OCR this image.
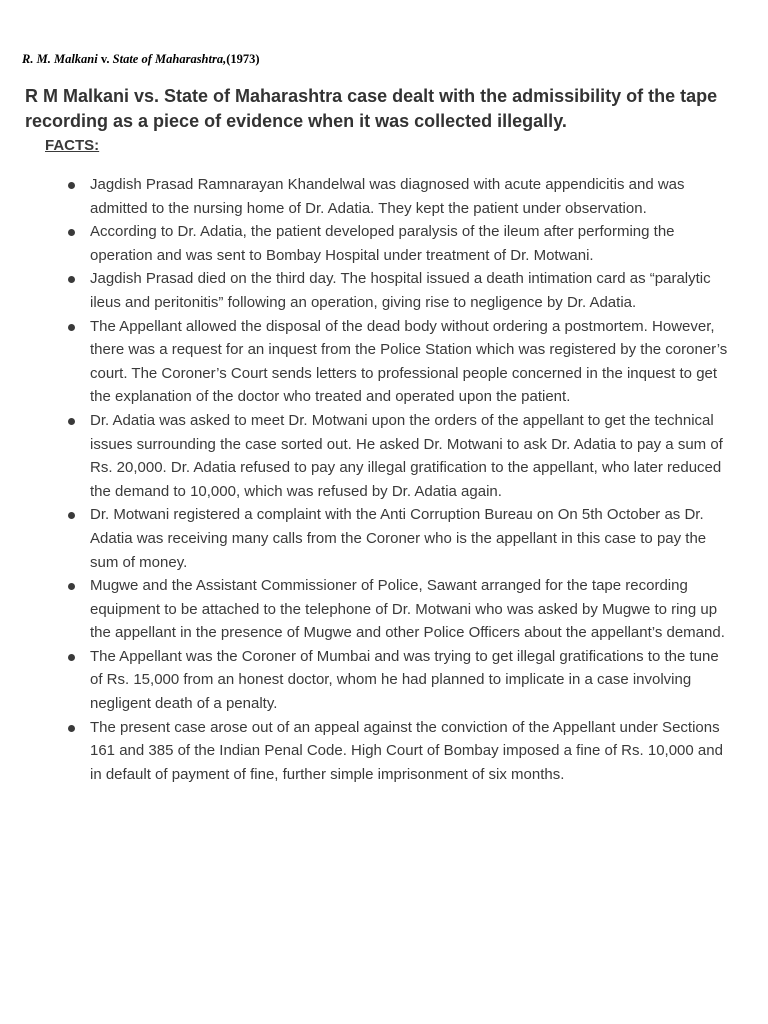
R. M. Malkani v. State of Maharashtra,(1973)
R M Malkani vs. State of Maharashtra case dealt with the admissibility of the tape recording as a piece of evidence when it was collected illegally.
FACTS:
Jagdish Prasad Ramnarayan Khandelwal was diagnosed with acute appendicitis and was admitted to the nursing home of Dr. Adatia. They kept the patient under observation.
According to Dr. Adatia, the patient developed paralysis of the ileum after performing the operation and was sent to Bombay Hospital under treatment of Dr. Motwani.
Jagdish Prasad died on the third day. The hospital issued a death intimation card as “paralytic ileus and peritonitis” following an operation, giving rise to negligence by Dr. Adatia.
The Appellant allowed the disposal of the dead body without ordering a postmortem. However, there was a request for an inquest from the Police Station which was registered by the coroner’s court. The Coroner’s Court sends letters to professional people concerned in the inquest to get the explanation of the doctor who treated and operated upon the patient.
Dr. Adatia was asked to meet Dr. Motwani upon the orders of the appellant to get the technical issues surrounding the case sorted out. He asked Dr. Motwani to ask Dr. Adatia to pay a sum of Rs. 20,000. Dr. Adatia refused to pay any illegal gratification to the appellant, who later reduced the demand to 10,000, which was refused by Dr. Adatia again.
Dr. Motwani registered a complaint with the Anti Corruption Bureau on On 5th October as Dr. Adatia was receiving many calls from the Coroner who is the appellant in this case to pay the sum of money.
Mugwe and the Assistant Commissioner of Police, Sawant arranged for the tape recording equipment to be attached to the telephone of Dr. Motwani who was asked by Mugwe to ring up the appellant in the presence of Mugwe and other Police Officers about the appellant’s demand.
The Appellant was the Coroner of Mumbai and was trying to get illegal gratifications to the tune of Rs. 15,000 from an honest doctor, whom he had planned to implicate in a case involving negligent death of a penalty.
The present case arose out of an appeal against the conviction of the Appellant under Sections 161 and 385 of the Indian Penal Code. High Court of Bombay imposed a fine of Rs. 10,000 and in default of payment of fine, further simple imprisonment of six months.
